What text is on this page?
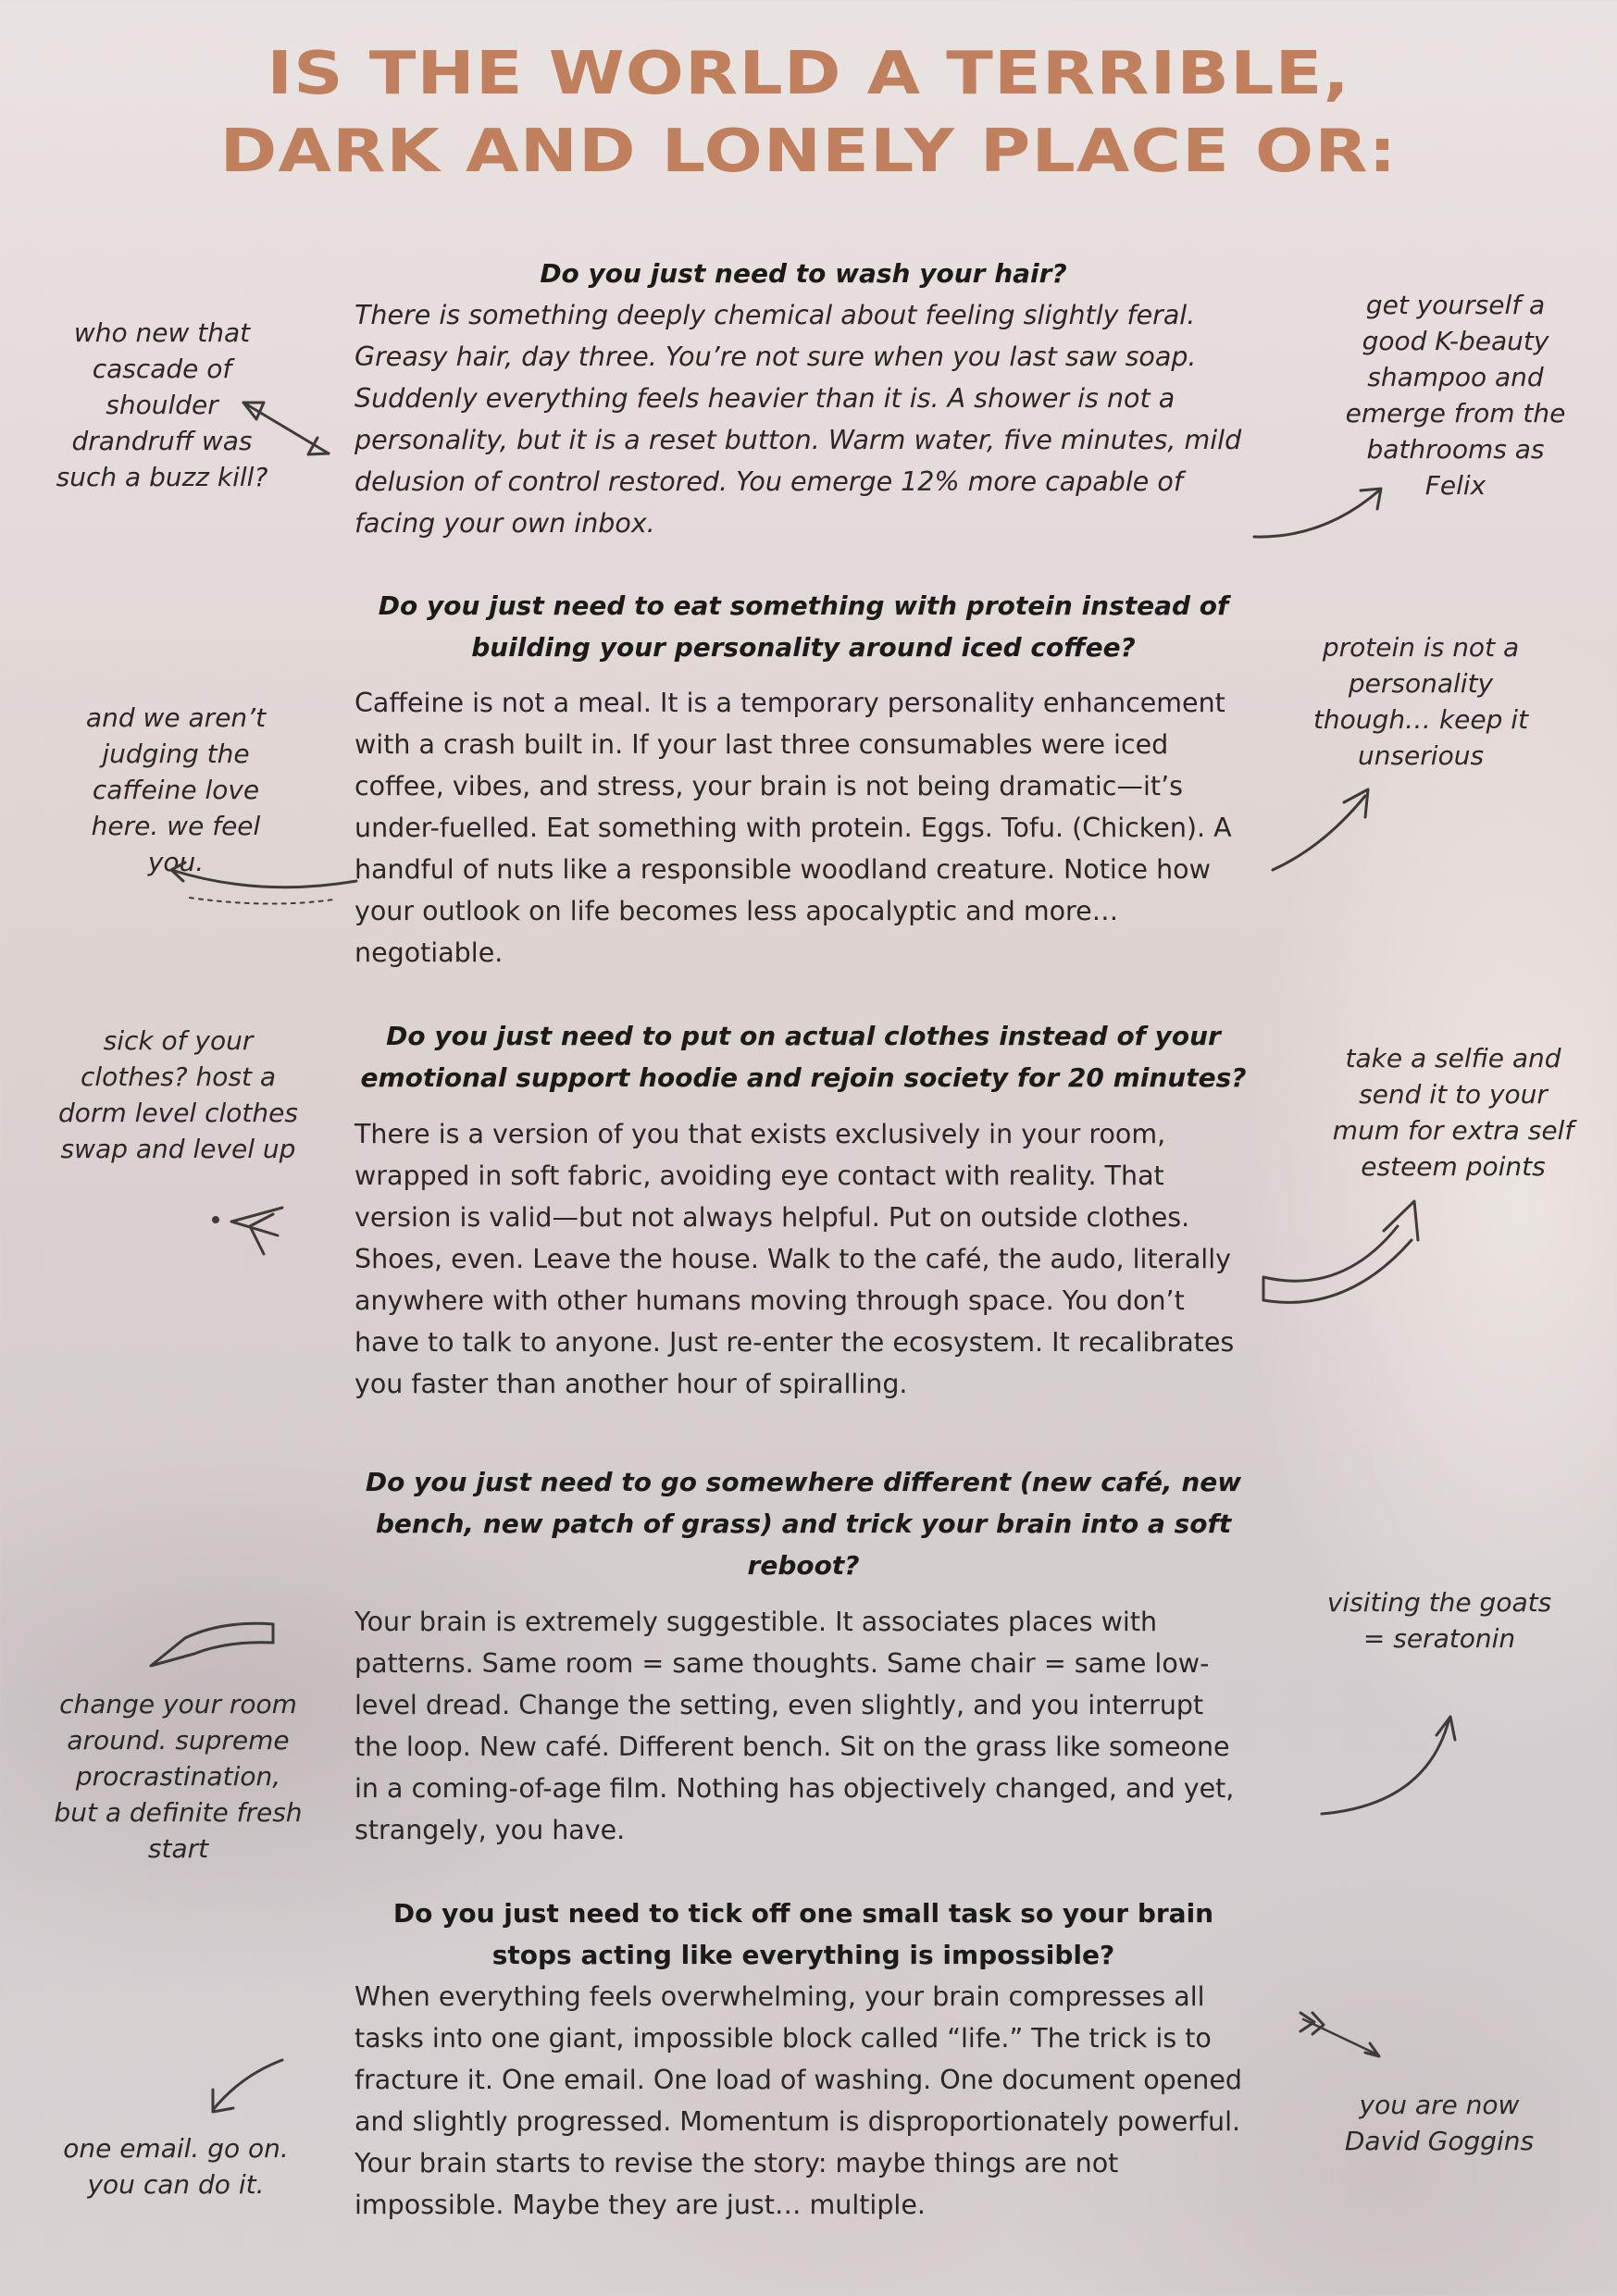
IS THE WORLD A TERRIBLE,
DARK AND LONELY PLACE OR:
Do you just need to wash your hair?
There is something deeply chemical about feeling slightly feral. Greasy hair, day three. You’re not sure when you last saw soap. Suddenly everything feels heavier than it is. A shower is not a personality, but it is a reset button. Warm water, five minutes, mild delusion of control restored. You emerge 12% more capable of facing your own inbox.
who new that cascade of shoulder drandruff was such a buzz kill?
get yourself a good K-beauty shampoo and emerge from the bathrooms as Felix
Do you just need to eat something with protein instead of building your personality around iced coffee?
Caffeine is not a meal. It is a temporary personality enhancement with a crash built in. If your last three consumables were iced coffee, vibes, and stress, your brain is not being dramatic—it’s under-fuelled. Eat something with protein. Eggs. Tofu. (Chicken). A handful of nuts like a responsible woodland creature. Notice how your outlook on life becomes less apocalyptic and more… negotiable.
and we aren’t judging the caffeine love here. we feel you.
protein is not a personality though… keep it unserious
Do you just need to put on actual clothes instead of your emotional support hoodie and rejoin society for 20 minutes?
There is a version of you that exists exclusively in your room, wrapped in soft fabric, avoiding eye contact with reality. That version is valid—but not always helpful. Put on outside clothes. Shoes, even. Leave the house. Walk to the café, the audo, literally anywhere with other humans moving through space. You don’t have to talk to anyone. Just re-enter the ecosystem. It recalibrates you faster than another hour of spiralling.
sick of your clothes? host a dorm level clothes swap and level up
take a selfie and send it to your mum for extra self esteem points
Do you just need to go somewhere different (new café, new bench, new patch of grass) and trick your brain into a soft reboot?
Your brain is extremely suggestible. It associates places with patterns. Same room = same thoughts. Same chair = same low-level dread. Change the setting, even slightly, and you interrupt the loop. New café. Different bench. Sit on the grass like someone in a coming-of-age film. Nothing has objectively changed, and yet, strangely, you have.
change your room around. supreme procrastination, but a definite fresh start
visiting the goats = seratonin
Do you just need to tick off one small task so your brain stops acting like everything is impossible?
When everything feels overwhelming, your brain compresses all tasks into one giant, impossible block called “life.” The trick is to fracture it. One email. One load of washing. One document opened and slightly progressed. Momentum is disproportionately powerful. Your brain starts to revise the story: maybe things are not impossible. Maybe they are just… multiple.
one email. go on. you can do it.
you are now David Goggins
